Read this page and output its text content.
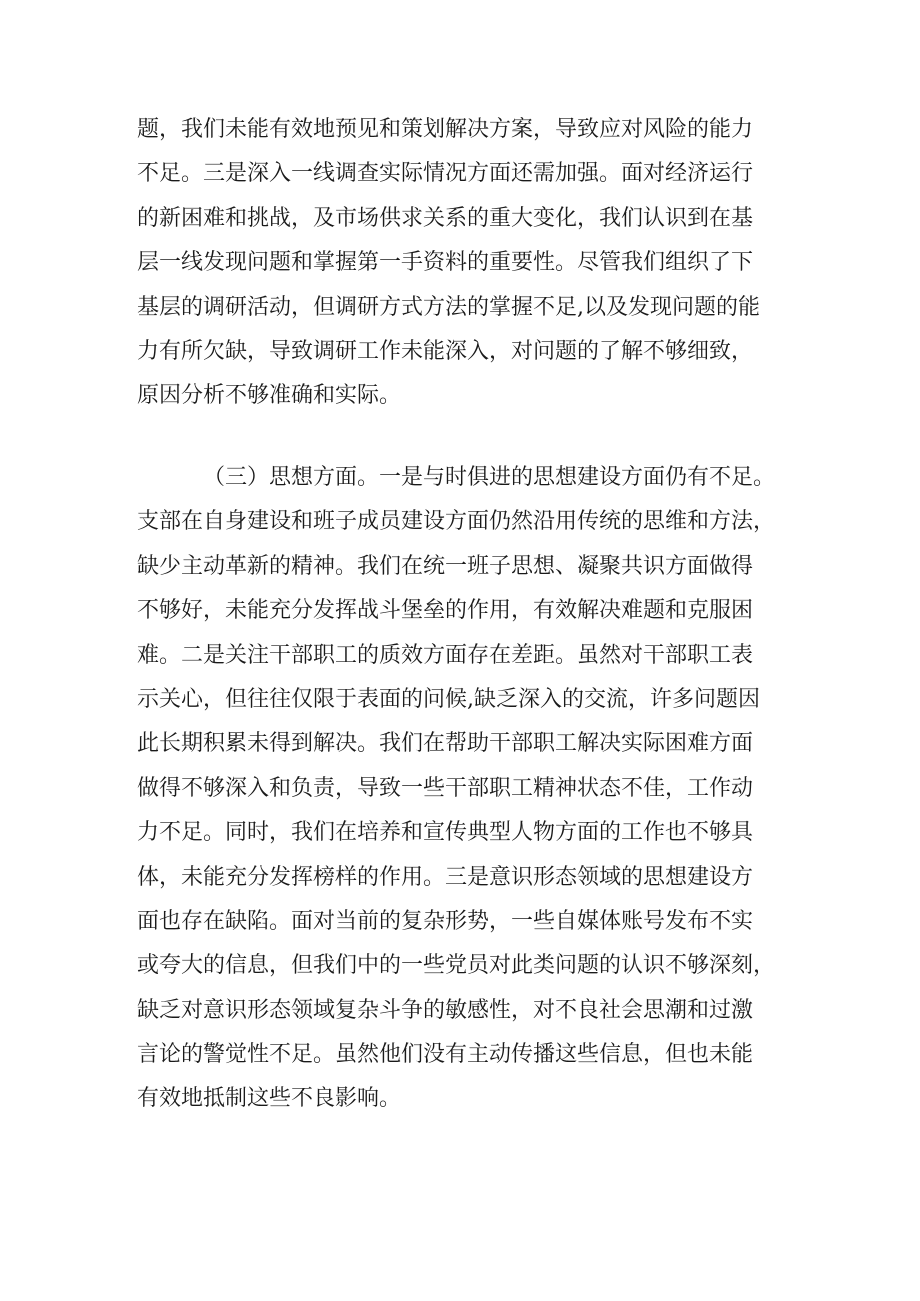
题，我们未能有效地预见和策划解决方案，导致应对风险的能力
不足。三是深入一线调查实际情况方面还需加强。面对经济运行
的新困难和挑战，及市场供求关系的重大变化，我们认识到在基
层一线发现问题和掌握第一手资料的重要性。尽管我们组织了下
基层的调研活动，但调研方式方法的掌握不足,以及发现问题的能
力有所欠缺，导致调研工作未能深入，对问题的了解不够细致，
原因分析不够准确和实际。
（三）思想方面。一是与时俱进的思想建设方面仍有不足。
支部在自身建设和班子成员建设方面仍然沿用传统的思维和方法，
缺少主动革新的精神。我们在统一班子思想、凝聚共识方面做得
不够好，未能充分发挥战斗堡垒的作用，有效解决难题和克服困
难。二是关注干部职工的质效方面存在差距。虽然对干部职工表
示关心，但往往仅限于表面的问候,缺乏深入的交流，许多问题因
此长期积累未得到解决。我们在帮助干部职工解决实际困难方面
做得不够深入和负责，导致一些干部职工精神状态不佳，工作动
力不足。同时，我们在培养和宣传典型人物方面的工作也不够具
体，未能充分发挥榜样的作用。三是意识形态领域的思想建设方
面也存在缺陷。面对当前的复杂形势，一些自媒体账号发布不实
或夸大的信息，但我们中的一些党员对此类问题的认识不够深刻，
缺乏对意识形态领域复杂斗争的敏感性，对不良社会思潮和过激
言论的警觉性不足。虽然他们没有主动传播这些信息，但也未能
有效地抵制这些不良影响。
